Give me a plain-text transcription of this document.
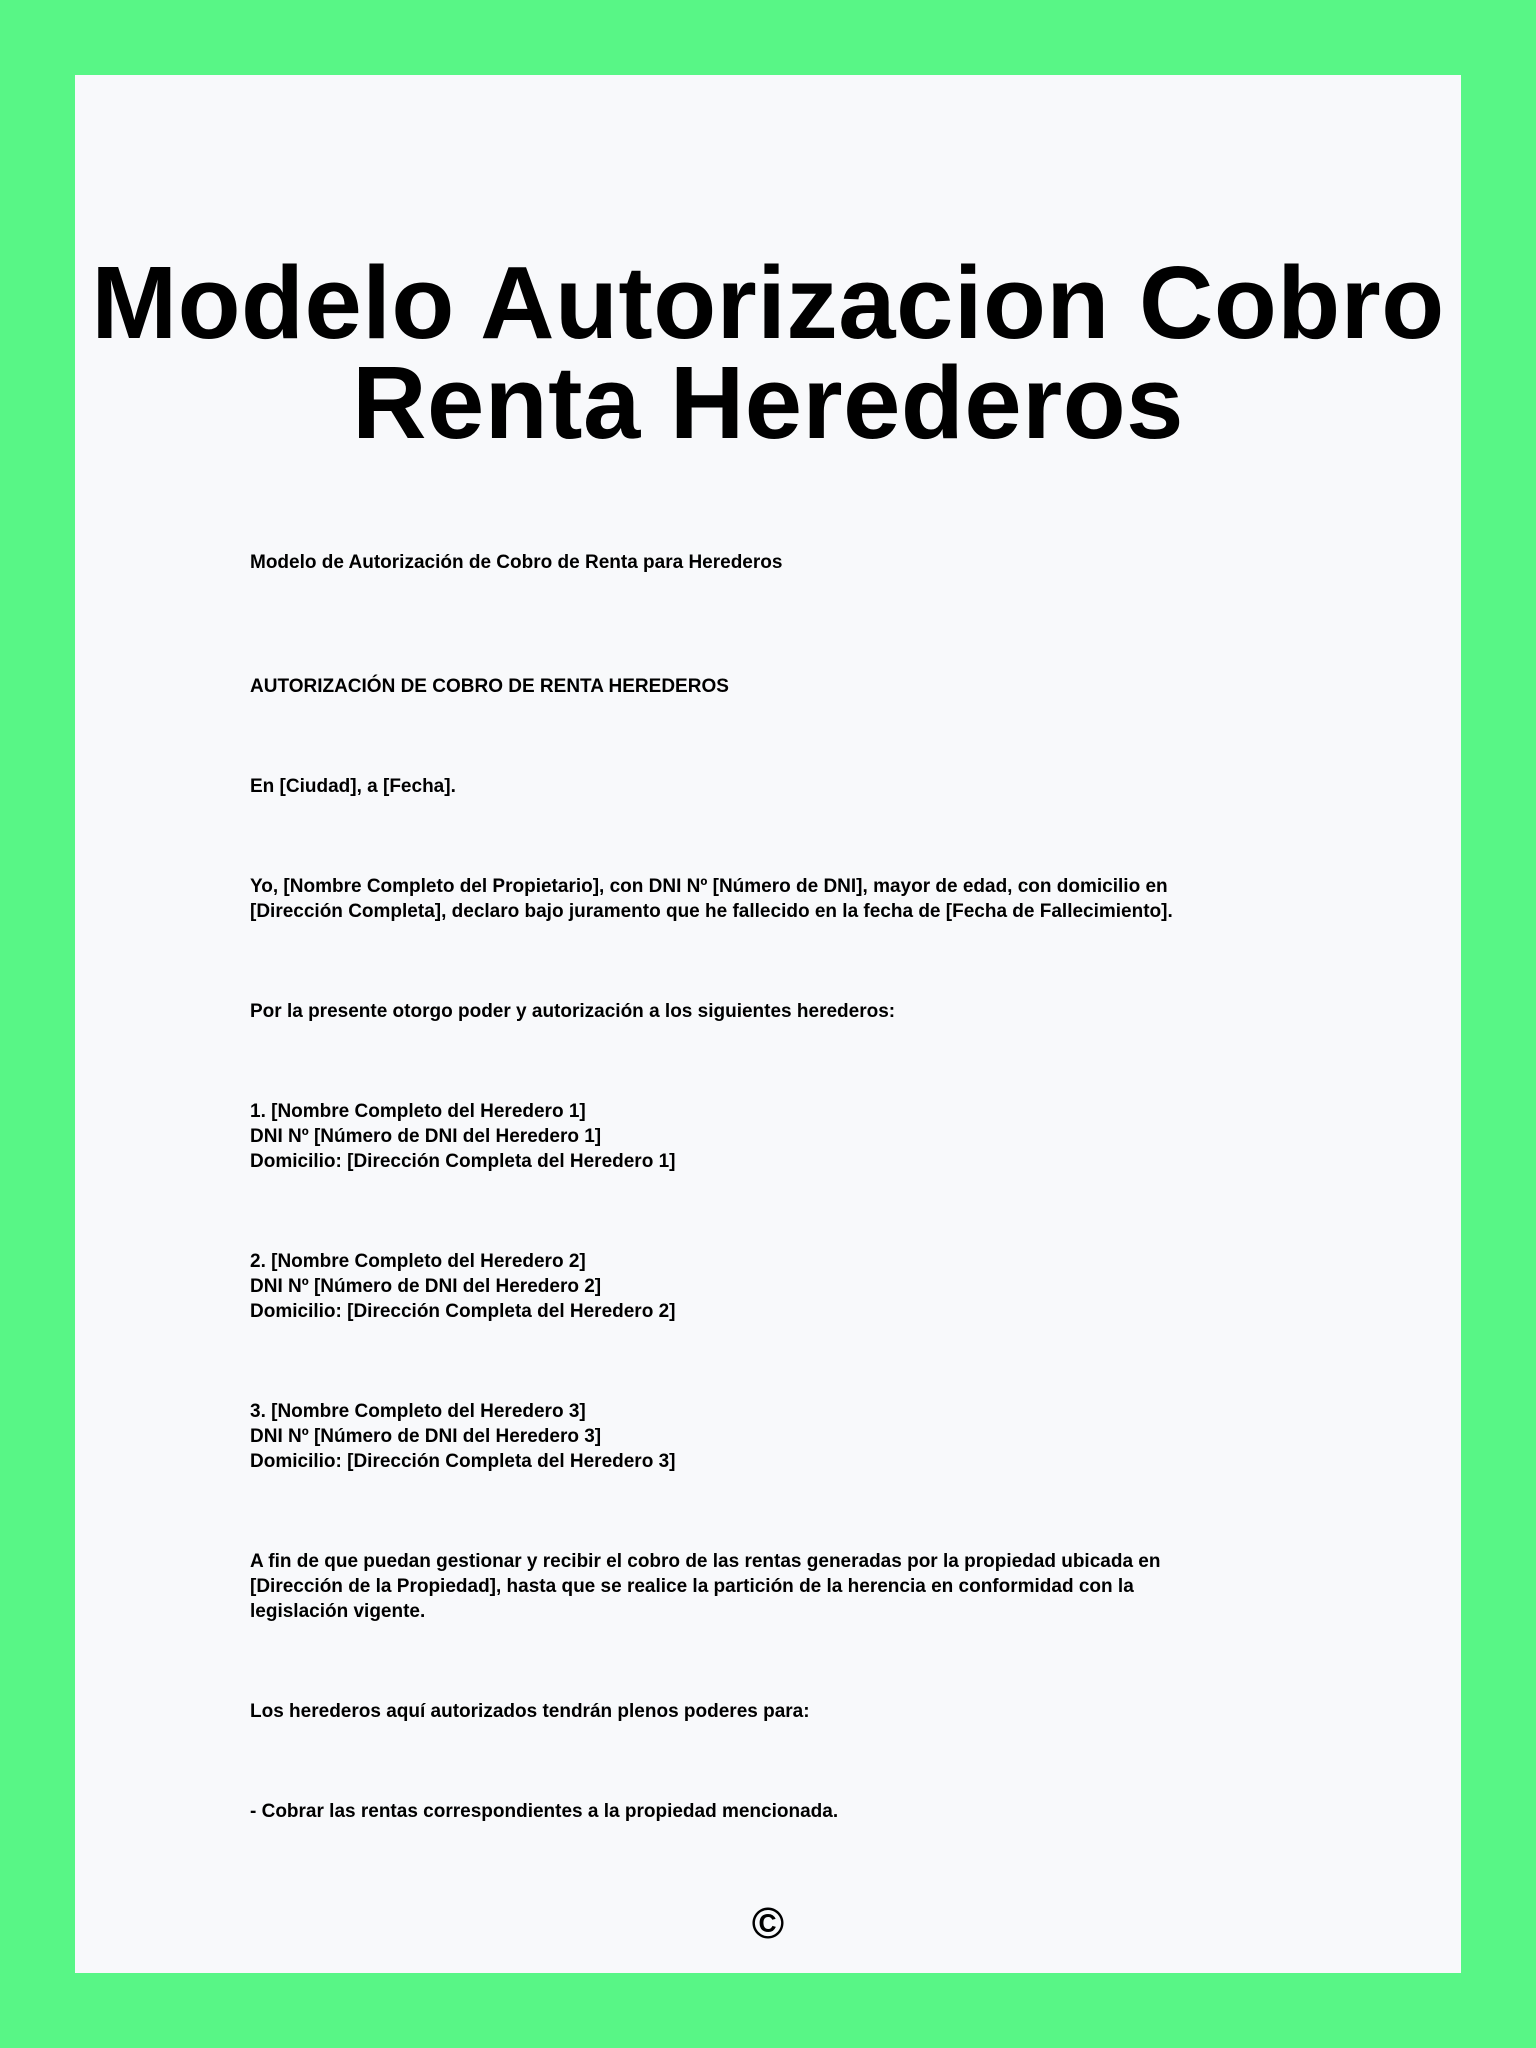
Modelo Autorizacion Cobro
Renta Herederos

Modelo de Autorización de Cobro de Renta para Herederos

AUTORIZACIÓN DE COBRO DE RENTA HEREDEROS

En [Ciudad], a [Fecha].

Yo, [Nombre Completo del Propietario], con DNI Nº [Número de DNI], mayor de edad, con domicilio en
[Dirección Completa], declaro bajo juramento que he fallecido en la fecha de [Fecha de Fallecimiento].

Por la presente otorgo poder y autorización a los siguientes herederos:

1. [Nombre Completo del Heredero 1]
DNI Nº [Número de DNI del Heredero 1]
Domicilio: [Dirección Completa del Heredero 1]

2. [Nombre Completo del Heredero 2]
DNI Nº [Número de DNI del Heredero 2]
Domicilio: [Dirección Completa del Heredero 2]

3. [Nombre Completo del Heredero 3]
DNI Nº [Número de DNI del Heredero 3]
Domicilio: [Dirección Completa del Heredero 3]

A fin de que puedan gestionar y recibir el cobro de las rentas generadas por la propiedad ubicada en
[Dirección de la Propiedad], hasta que se realice la partición de la herencia en conformidad con la
legislación vigente.

Los herederos aquí autorizados tendrán plenos poderes para:

- Cobrar las rentas correspondientes a la propiedad mencionada.

©
